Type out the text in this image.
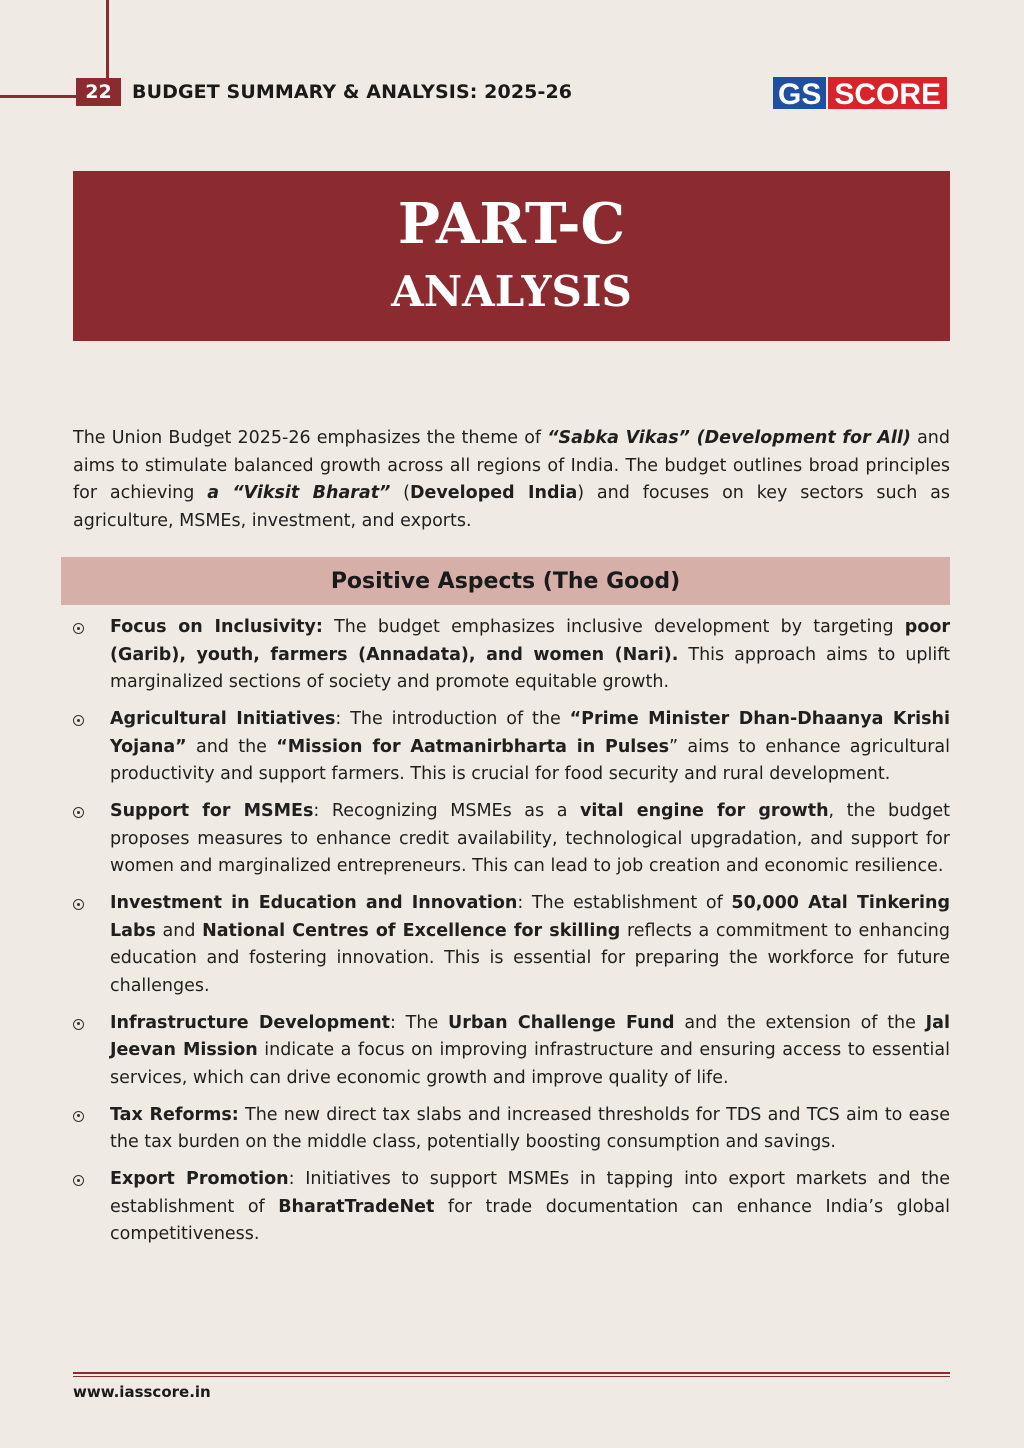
22	BUDGET SUMMARY & ANALYSIS: 2025-26	GS SCORE
PART-C
ANALYSIS

The Union Budget 2025-26 emphasizes the theme of “Sabka Vikas” (Development for All) and aims to stimulate balanced growth across all regions of India. The budget outlines broad principles for achieving a “Viksit Bharat” (Developed India) and focuses on key sectors such as agriculture, MSMEs, investment, and exports.

Positive Aspects (The Good)
Focus on Inclusivity: The budget emphasizes inclusive development by targeting poor (Garib), youth, farmers (Annadata), and women (Nari). This approach aims to uplift marginalized sections of society and promote equitable growth.
Agricultural Initiatives: The introduction of the “Prime Minister Dhan-Dhaanya Krishi Yojana” and the “Mission for Aatmanirbharta in Pulses” aims to enhance agricultural productivity and support farmers. This is crucial for food security and rural development.
Support for MSMEs: Recognizing MSMEs as a vital engine for growth, the budget proposes measures to enhance credit availability, technological upgradation, and support for women and marginalized entrepreneurs. This can lead to job creation and economic resilience.
Investment in Education and Innovation: The establishment of 50,000 Atal Tinkering Labs and National Centres of Excellence for skilling reflects a commitment to enhancing education and fostering innovation. This is essential for preparing the workforce for future challenges.
Infrastructure Development: The Urban Challenge Fund and the extension of the Jal Jeevan Mission indicate a focus on improving infrastructure and ensuring access to essential services, which can drive economic growth and improve quality of life.
Tax Reforms: The new direct tax slabs and increased thresholds for TDS and TCS aim to ease the tax burden on the middle class, potentially boosting consumption and savings.
Export Promotion: Initiatives to support MSMEs in tapping into export markets and the establishment of BharatTradeNet for trade documentation can enhance India’s global competitiveness.
www.iasscore.in
